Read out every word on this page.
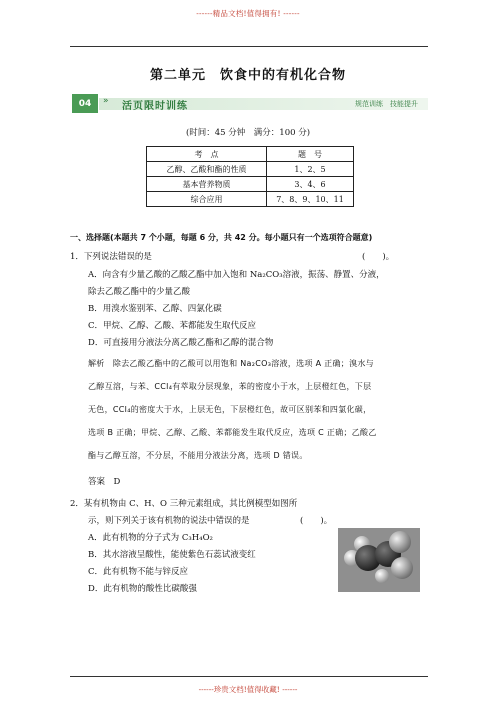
------精品文档!值得拥有! ------
第二单元　饮食中的有机化合物
04	» 活页限时训练	规范训练　技能提升
(时间：45 分钟　满分：100 分)
考　点	题　号
乙醇、乙酸和酯的性质	1、2、5
基本营养物质	3、4、6
综合应用	7、8、9、10、11
一、选择题(本题共 7 个小题，每题 6 分，共 42 分。每小题只有一个选项符合题意)
1．下列说法错误的是	(　　)。
A．向含有少量乙酸的乙酸乙酯中加入饱和 Na₂CO₃溶液，振荡、静置、分液，
除去乙酸乙酯中的少量乙酸
B．用溴水鉴别苯、乙醇、四氯化碳
C．甲烷、乙醇、乙酸、苯都能发生取代反应
D．可直接用分液法分离乙酸乙酯和乙醇的混合物
解析　除去乙酸乙酯中的乙酸可以用饱和 Na₂CO₃溶液，选项 A 正确；溴水与
乙醇互溶，与苯、CCl₄有萃取分层现象，苯的密度小于水，上层橙红色，下层
无色，CCl₄的密度大于水，上层无色，下层橙红色，故可区别苯和四氯化碳，
选项 B 正确；甲烷、乙醇、乙酸、苯都能发生取代反应，选项 C 正确；乙酸乙
酯与乙醇互溶，不分层，不能用分液法分离，选项 D 错误。
答案　D
2．某有机物由 C、H、O 三种元素组成，其比例模型如图所
示，则下列关于该有机物的说法中错误的是	(　　)。
A．此有机物的分子式为 C₃H₄O₂
B．其水溶液呈酸性，能使紫色石蕊试液变红
C．此有机物不能与锌反应
D．此有机物的酸性比碳酸强
------珍贵文档!值得收藏! ------
